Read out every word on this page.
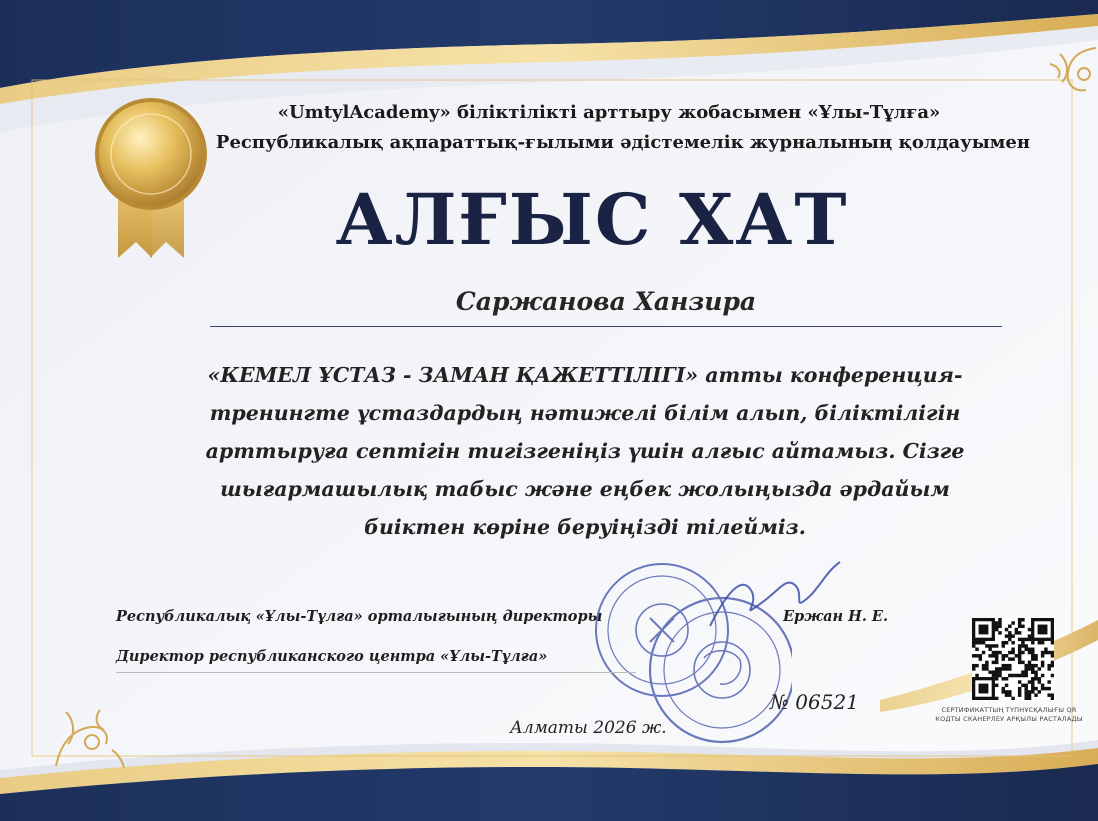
«UmtylAcademy» біліктілікті арттыру жобасымен «Ұлы-Тұлға»

Республикалық ақпараттық-ғылыми әдістемелік журналының қолдауымен

АЛҒЫС ХАТ

Саржанова Ханзира

«КЕМЕЛ ҰСТАЗ - ЗАМАН ҚАЖЕТТІЛІГІ» атты конференция-тренингте ұстаздардың нәтижелі білім алып, біліктілігін арттыруға септігін тигізгеніңіз үшін алғыс айтамыз. Сізге шығармашылық табыс және еңбек жолыңызда әрдайым биіктен көріне беруіңізді тілейміз.

Республикалық «Ұлы-Тұлға» орталығының директоры

Директор республиканского центра «Ұлы-Тұлға»

Ержан Н. Е.

№ 06521

Алматы 2026 ж.

СЕРТИФИКАТТЫҢ ТҮПНҰСҚАЛЫҒЫ QR КОДТЫ СКАНЕРЛЕУ АРҚЫЛЫ РАСТАЛАДЫ
